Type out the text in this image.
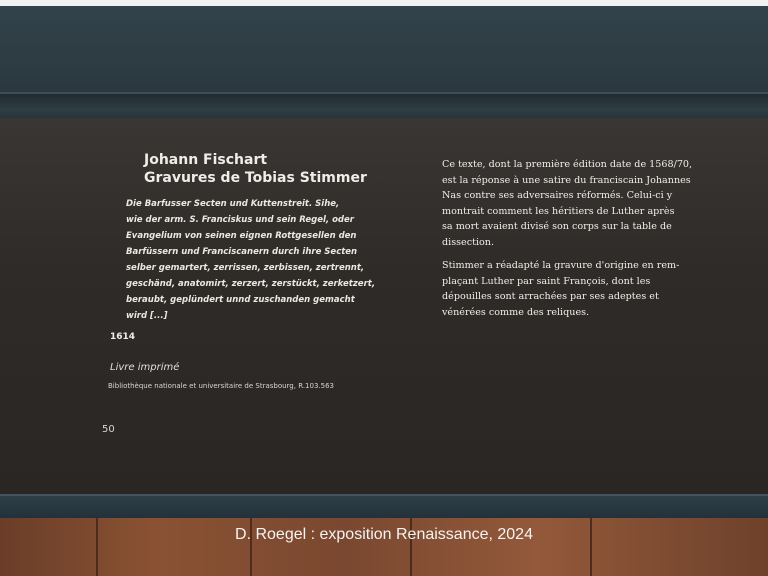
Johann Fischart
Gravures de Tobias Stimmer
Die Barfusser Secten und Kuttenstreit. Sihe,
wie der arm. S. Franciskus und sein Regel, oder
Evangelium von seinen eignen Rottgesellen den
Barfüssern und Franciscanern durch ihre Secten
selber gemartert, zerrissen, zerbissen, zertrennt,
geschänd, anatomirt, zerzert, zerstückt, zerketzert,
beraubt, geplündert unnd zuschanden gemacht
wird [...]
1614
Livre imprimé
Bibliothèque nationale et universitaire de Strasbourg, R.103.563
50
Ce texte, dont la première édition date de 1568/70,
est la réponse à une satire du franciscain Johannes
Nas contre ses adversaires réformés. Celui-ci y
montrait comment les héritiers de Luther après
sa mort avaient divisé son corps sur la table de
dissection.
Stimmer a réadapté la gravure d'origine en rem-
plaçant Luther par saint François, dont les
dépouilles sont arrachées par ses adeptes et
vénérées comme des reliques.
D. Roegel : exposition Renaissance, 2024
